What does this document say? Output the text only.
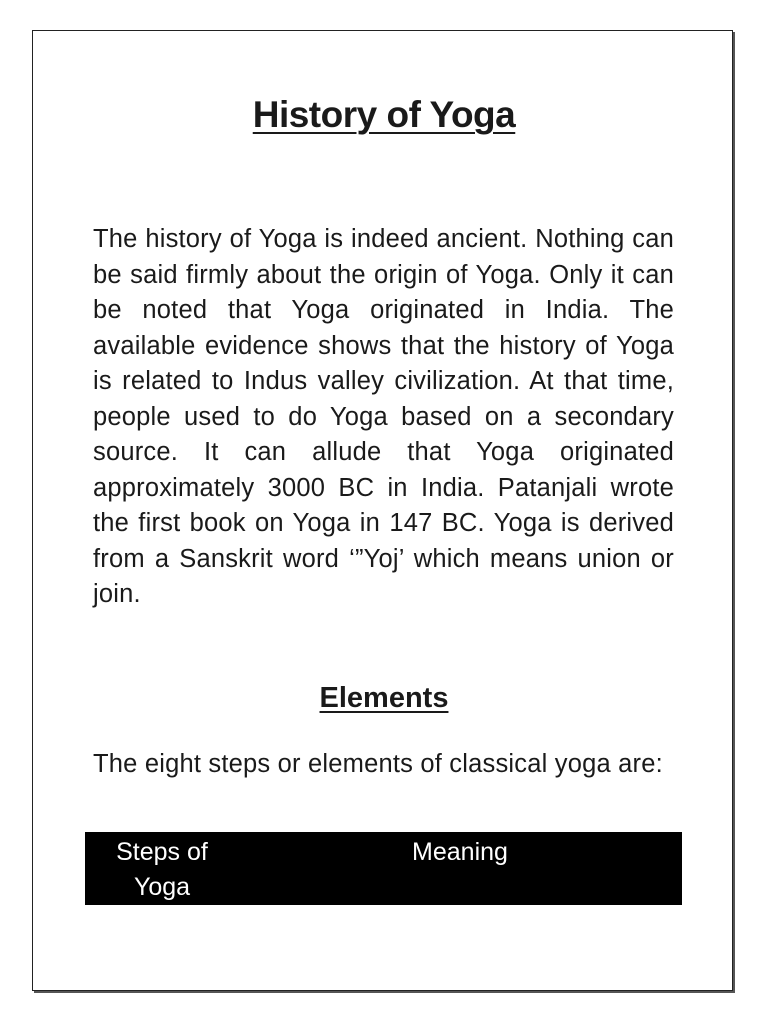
History of Yoga

The history of Yoga is indeed ancient. Nothing can be said firmly about the origin of Yoga. Only it can be noted that Yoga originated in India. The available evidence shows that the history of Yoga is related to Indus valley civilization. At that time, people used to do Yoga based on a secondary source. It can allude that Yoga originated approximately 3000 BC in India. Patanjali wrote the first book on Yoga in 147 BC. Yoga is derived from a Sanskrit word ‘”Yoj’ which means union or join.

Elements

The eight steps or elements of classical yoga are:

Steps of Yoga
Meaning
